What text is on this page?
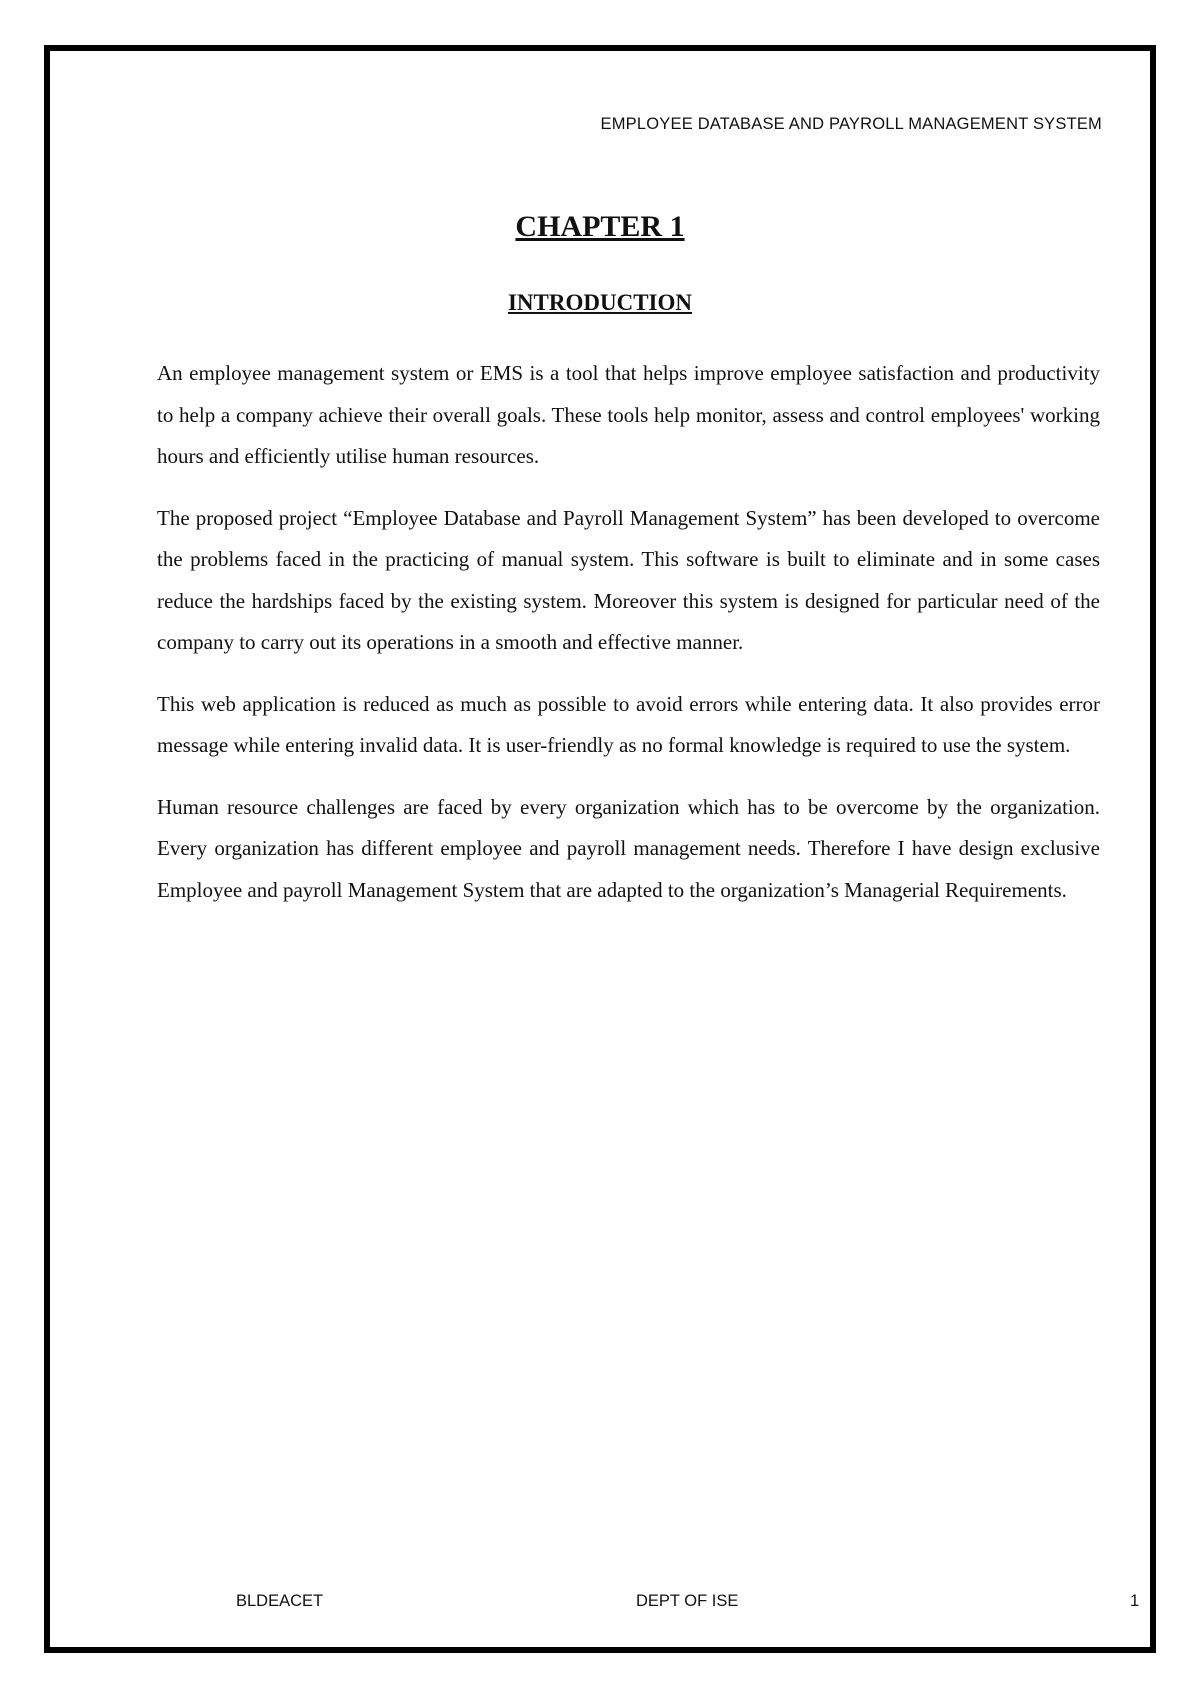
EMPLOYEE DATABASE AND PAYROLL MANAGEMENT SYSTEM
CHAPTER 1
INTRODUCTION

An employee management system or EMS is a tool that helps improve employee satisfaction and productivity to help a company achieve their overall goals. These tools help monitor, assess and control employees' working hours and efficiently utilise human resources.

The proposed project “Employee Database and Payroll Management System” has been developed to overcome the problems faced in the practicing of manual system. This software is built to eliminate and in some cases reduce the hardships faced by the existing system. Moreover this system is designed for particular need of the company to carry out its operations in a smooth and effective manner.

This web application is reduced as much as possible to avoid errors while entering data. It also provides error message while entering invalid data. It is user-friendly as no formal knowledge is required to use the system.

Human resource challenges are faced by every organization which has to be overcome by the organization. Every organization has different employee and payroll management needs. Therefore I have design exclusive Employee and payroll Management System that are adapted to the organization’s Managerial Requirements.

BLDEACET	DEPT OF ISE	1
